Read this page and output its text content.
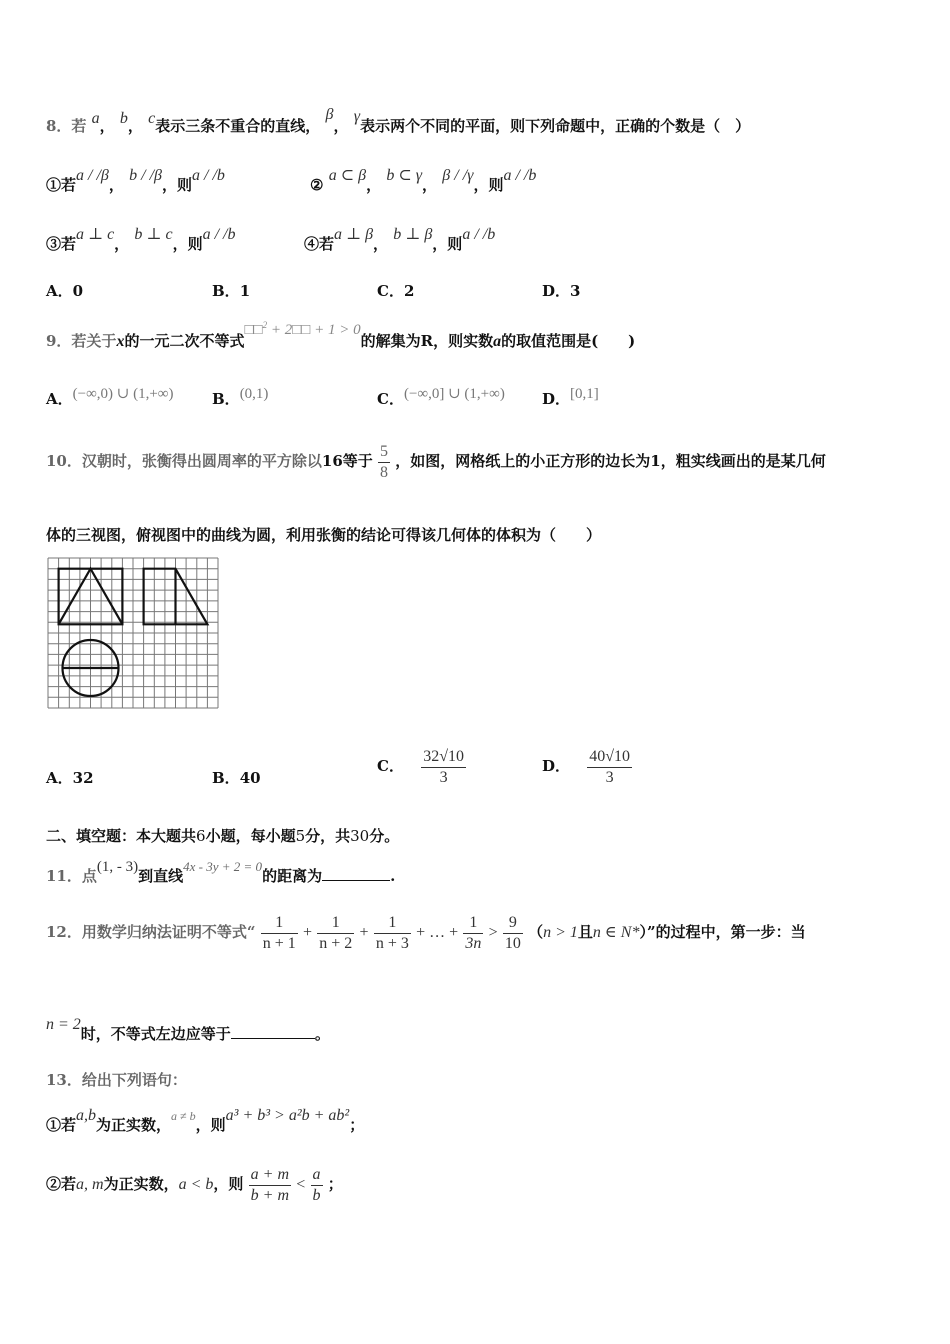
8．若 a， b， c表示三条不重合的直线， β， γ表示两个不同的平面，则下列命题中，正确的个数是（　）
①若a / /β， b / /β，则a / /b
② a ⊂ β， b ⊂ γ， β / /γ，则a / /b
③若a ⊥ c， b ⊥ c，则a / /b
④若a ⊥ β， b ⊥ β，则a / /b
A．0	B．1	C．2	D．3
9．若关于x的一元二次不等式□□$^2$ + 2□□ + 1 > 0的解集为R，则实数a的取值范围是(　　)
A．(−∞,0) ∪ (1,+∞)	B．(0,1)	C．(−∞,0] ∪ (1,+∞) D．[0,1]
10．汉朝时，张衡得出圆周率的平方除以16等于 $\frac{5}{8}$ ，如图，网格纸上的小正方形的边长为1，粗实线画出的是某几何
体的三视图，俯视图中的曲线为圆，利用张衡的结论可得该几何体的体积为（　　）
A．32	B．40
C． $\frac{32√10}{3}$	D． $\frac{40√10}{3}$
二、填空题：本大题共6小题，每小题5分，共30分。
11．点(1, - 3)到直线4x - 3y + 2 = 0的距离为	.
12．用数学归纳法证明不等式“ $\frac{1}{n + 1} + \frac{1}{n + 2} + \frac{1}{n + 3}$ + … + $\frac{1}{3n} > \frac{9}{10} (n > 1$且n ∈ N*）”的过程中，第一步：当
n = 2时，不等式左边应等于	。
13．给出下列语句：
①若a,b为正实数，$^{a \ne b}$，则a³ + b³ > a²b + ab²；
②若a, m为正实数，a < b，则 $\frac{a + m}{b + m} < \frac{a}{b}$ ；
